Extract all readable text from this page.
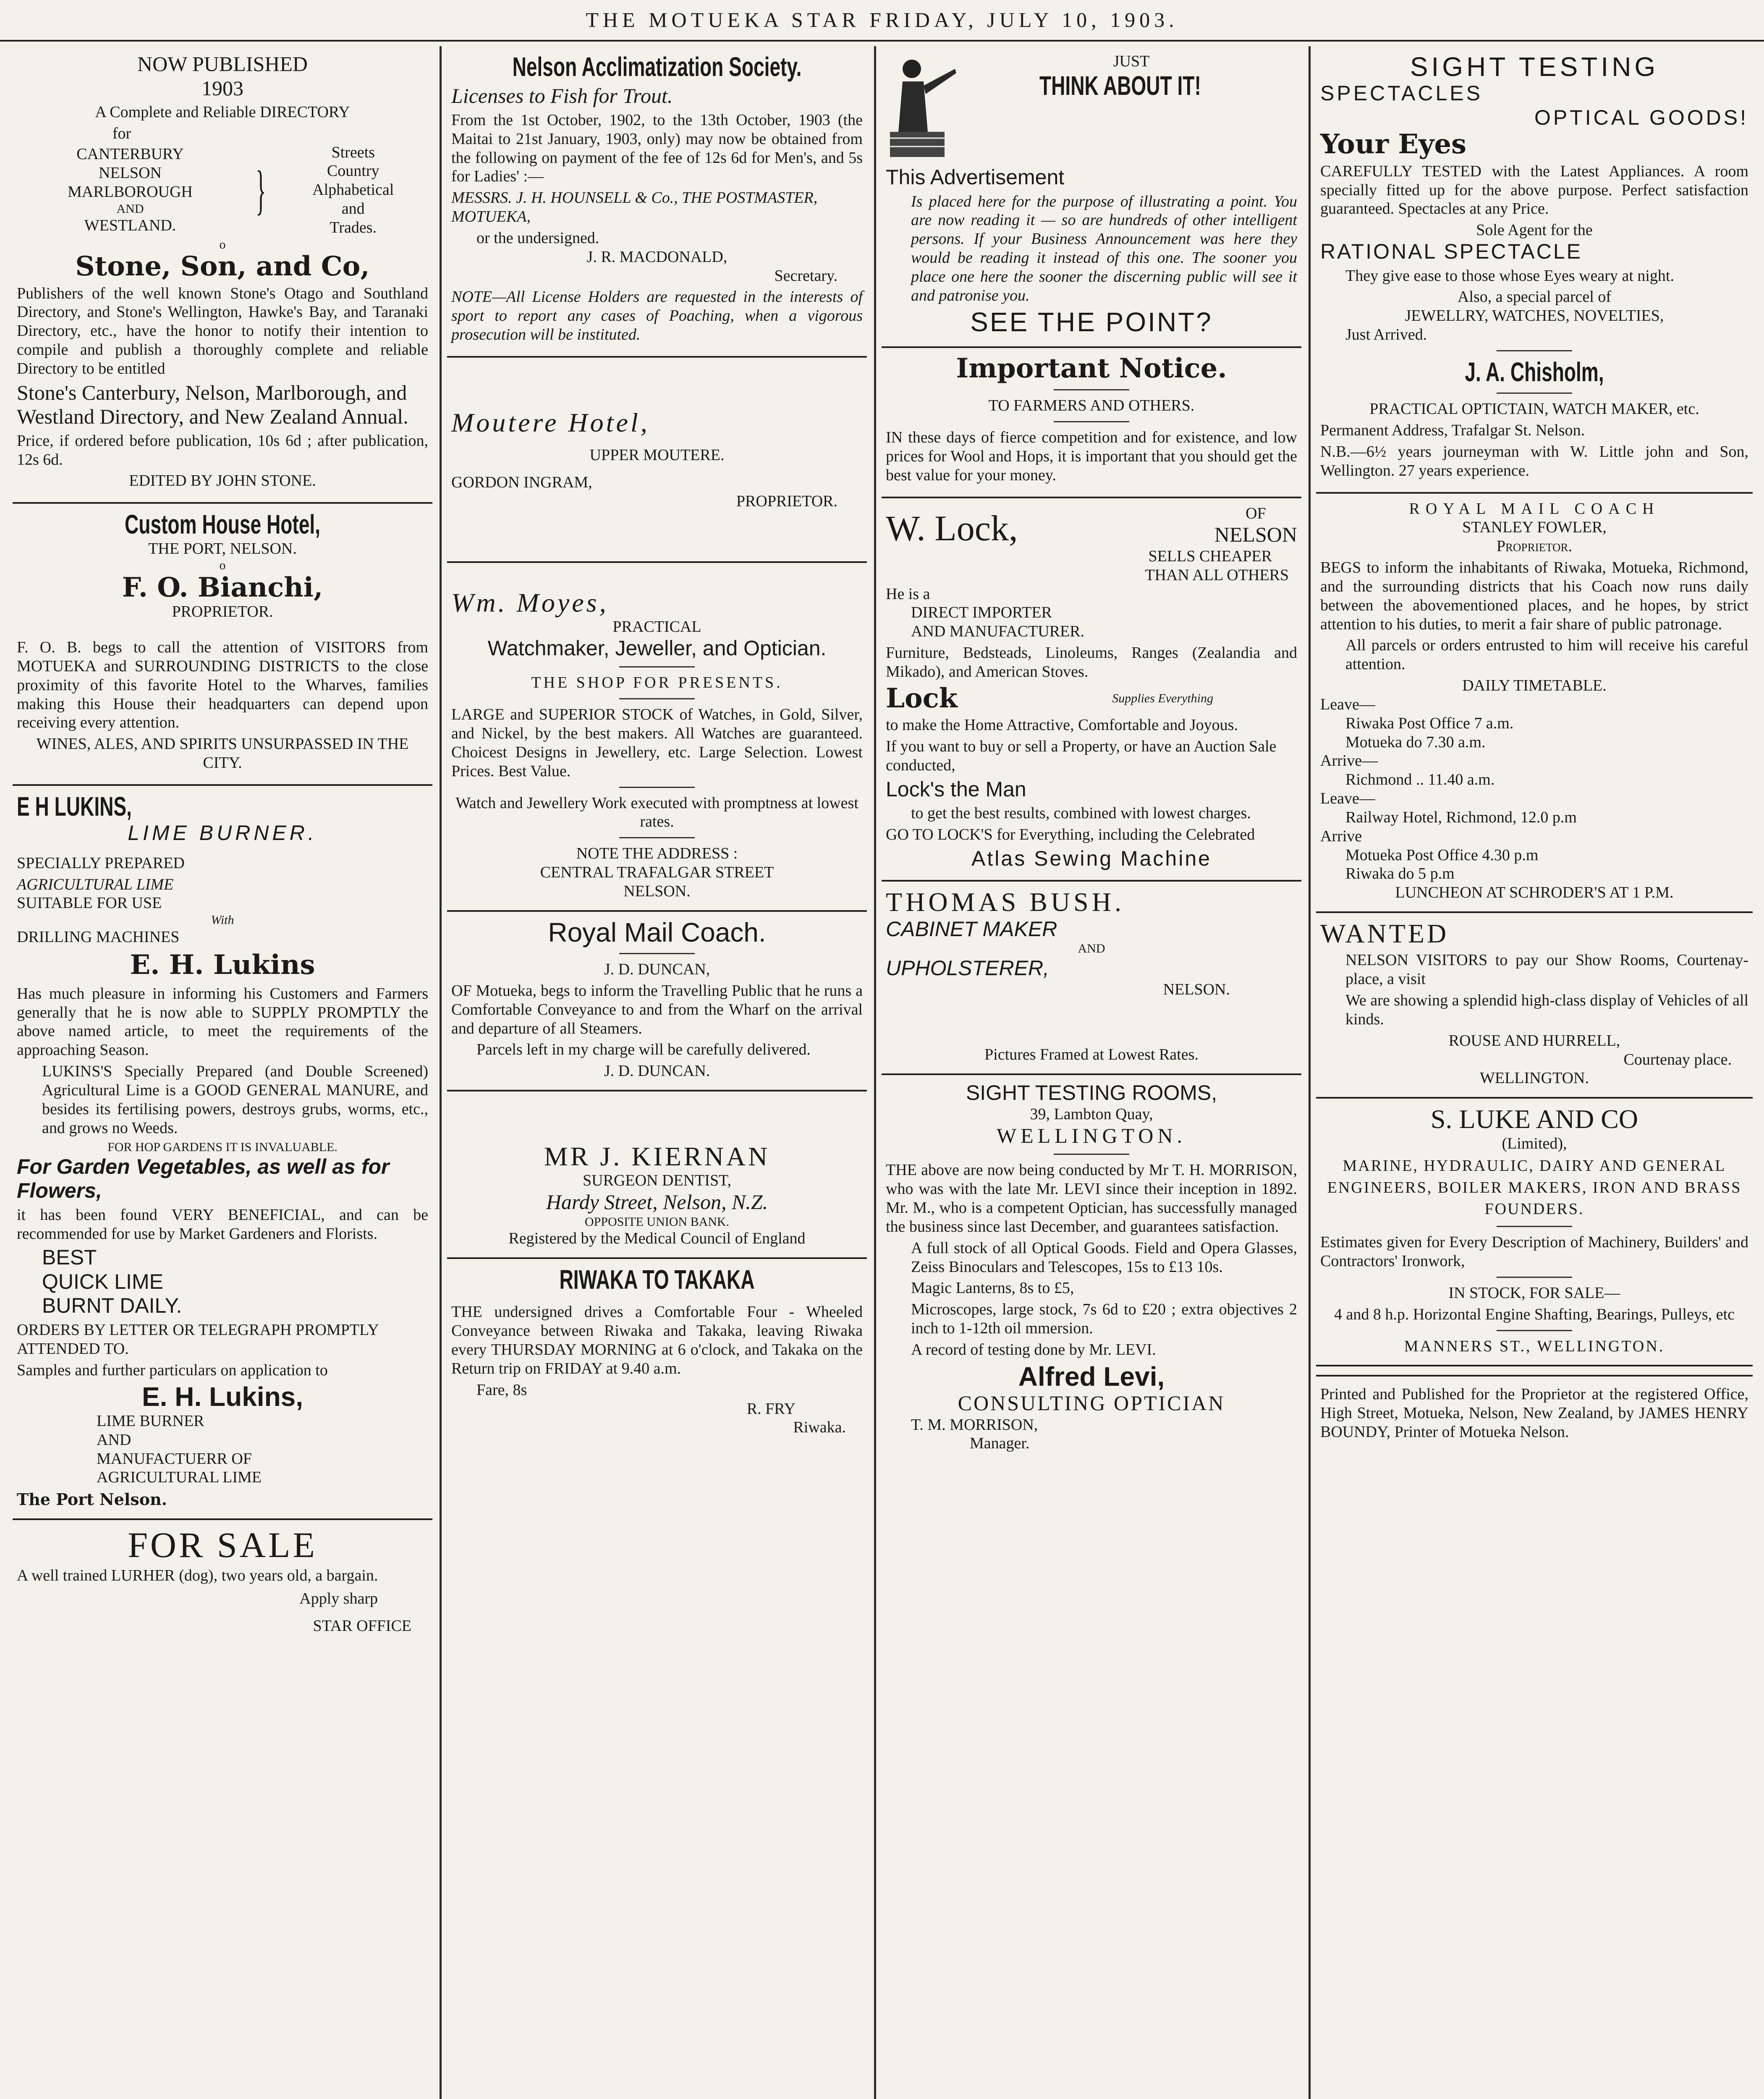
THE MOTUEKA STAR FRIDAY, JULY 10, 1903.
NOW PUBLISHED
1903

A Complete and Reliable DIRECTORY

for
CANTERBURY
NELSON
MARLBOROUGH
AND
WESTLAND.
}
Streets
Country
Alphabetical
and
Trades.
o
Stone, Son, and Co,

Publishers of the well known Stone's Otago and Southland Directory, and Stone's Wellington, Hawke's Bay, and Taranaki Directory, etc., have the honor to notify their intention to compile and publish a thoroughly complete and reliable Directory to be entitled

Stone's Canterbury, Nelson, Marlborough, and Westland Directory, and New Zealand Annual.

Price, if ordered before publication, 10s 6d ; after publication, 12s 6d.

EDITED BY JOHN STONE.

Custom House Hotel,
THE PORT, NELSON.
o
F. O. Bianchi,
PROPRIETOR.

F. O. B. begs to call the attention of VISITORS from MOTUEKA and SURROUNDING DISTRICTS to the close proximity of this favorite Hotel to the Wharves, families making this House their headquarters can depend upon receiving every attention.

WINES, ALES, AND SPIRITS UNSURPASSED IN THE CITY.

E H LUKINS,
LIME BURNER.

SPECIALLY PREPARED

AGRICULTURAL LIME
SUITABLE FOR USE
With
DRILLING MACHINES
E. H. Lukins

Has much pleasure in informing his Customers and Farmers generally that he is now able to SUPPLY PROMPTLY the above named article, to meet the requirements of the approaching Season.

LUKINS'S Specially Prepared (and Double Screened) Agricultural Lime is a GOOD GENERAL MANURE, and besides its fertilising powers, destroys grubs, worms, etc., and grows no Weeds.

FOR HOP GARDENS IT IS INVALUABLE.
For Garden Vegetables, as well as for Flowers,

it has been found VERY BENEFICIAL, and can be recommended for use by Market Gardeners and Florists.

BEST
QUICK LIME
BURNT DAILY.

ORDERS BY LETTER OR TELEGRAPH PROMPTLY ATTENDED TO.

Samples and further particulars on application to

E. H. Lukins,
LIME BURNER
AND
MANUFACTUERR OF
AGRICULTURAL LIME
The Port Nelson.
FOR SALE

A well trained LURHER (dog), two years old, a bargain.

Apply sharp
STAR OFFICE
Nelson Acclimatization Society.

Licenses to Fish for Trout.

From the 1st October, 1902, to the 13th October, 1903 (the Maitai to 21st January, 1903, only) may now be obtained from the following on payment of the fee of 12s 6d for Men's, and 5s for Ladies' :—

MESSRS. J. H. HOUNSELL & Co., THE POSTMASTER, MOTUEKA,

or the undersigned.
J. R. MACDONALD,
Secretary.

NOTE—All License Holders are requested in the interests of sport to report any cases of Poaching, when a vigorous prosecution will be instituted.

Moutere Hotel,
UPPER MOUTERE.
GORDON INGRAM,
PROPRIETOR.
Wm. Moyes,
PRACTICAL
Watchmaker, Jeweller, and Optician.
THE SHOP FOR PRESENTS.

LARGE and SUPERIOR STOCK of Watches, in Gold, Silver, and Nickel, by the best makers. All Watches are guaranteed. Choicest Designs in Jewellery, etc. Large Selection. Lowest Prices. Best Value.

Watch and Jewellery Work executed with promptness at lowest rates.

NOTE THE ADDRESS :
CENTRAL TRAFALGAR STREET
NELSON.
Royal Mail Coach.
J. D. DUNCAN,

OF Motueka, begs to inform the Travelling Public that he runs a Comfortable Conveyance to and from the Wharf on the arrival and departure of all Steamers.

Parcels left in my charge will be carefully delivered.

J. D. DUNCAN.
MR J. KIERNAN
SURGEON DENTIST,
Hardy Street, Nelson, N.Z.
OPPOSITE UNION BANK.
Registered by the Medical Council of England
RIWAKA TO TAKAKA

THE undersigned drives a Comfortable Four - Wheeled Conveyance between Riwaka and Takaka, leaving Riwaka every THURSDAY MORNING at 6 o'clock, and Takaka on the Return trip on FRIDAY at 9.40 a.m.

Fare, 8s
R. FRY
Riwaka.
JUST
THINK ABOUT IT!
This Advertisement

Is placed here for the purpose of illustrating a point. You are now reading it — so are hundreds of other intelligent persons. If your Business Announcement was here they would be reading it instead of this one. The sooner you place one here the sooner the discerning public will see it and patronise you.

SEE THE POINT?
Important Notice.
TO FARMERS AND OTHERS.

IN these days of fierce competition and for existence, and low prices for Wool and Hops, it is important that you should get the best value for your money.

W. Lock,	OF
NELSON
SELLS CHEAPER
THAN ALL OTHERS
He is a
DIRECT IMPORTER
AND MANUFACTURER.

Furniture, Bedsteads, Linoleums, Ranges (Zealandia and Mikado), and American Stoves.

Lock	Supplies Everything

to make the Home Attractive, Comfortable and Joyous.

If you want to buy or sell a Property, or have an Auction Sale conducted,

Lock's the Man

to get the best results, combined with lowest charges.

GO TO LOCK'S for Everything, including the Celebrated

Atlas Sewing Machine
THOMAS BUSH.
CABINET MAKER
AND
UPHOLSTERER,
NELSON.
Pictures Framed at Lowest Rates.
SIGHT TESTING ROOMS,
39, Lambton Quay,
WELLINGTON.

THE above are now being conducted by Mr T. H. MORRISON, who was with the late Mr. LEVI since their inception in 1892. Mr. M., who is a competent Optician, has successfully managed the business since last December, and guarantees satisfaction.

A full stock of all Optical Goods. Field and Opera Glasses, Zeiss Binoculars and Telescopes, 15s to £13 10s.

Magic Lanterns, 8s to £5,

Microscopes, large stock, 7s 6d to £20 ; extra objectives 2 inch to 1-12th oil mmersion.

A record of testing done by Mr. LEVI.

Alfred Levi,
CONSULTING OPTICIAN
T. M. MORRISON,
Manager.
SIGHT TESTING
SPECTACLES
OPTICAL GOODS!
Your Eyes

CAREFULLY TESTED with the Latest Appliances. A room specially fitted up for the above purpose. Perfect satisfaction guaranteed. Spectacles at any Price.

Sole Agent for the
RATIONAL SPECTACLE

They give ease to those whose Eyes weary at night.

Also, a special parcel of
JEWELLRY, WATCHES, NOVELTIES,
Just Arrived.
J. A. Chisholm,

PRACTICAL OPTICTAIN, WATCH MAKER, etc.

Permanent Address, Trafalgar St. Nelson.

N.B.—6½ years journeyman with W. Little john and Son, Wellington. 27 years experience.

ROYAL MAIL COACH
STANLEY FOWLER,
Proprietor.

BEGS to inform the inhabitants of Riwaka, Motueka, Richmond, and the surrounding districts that his Coach now runs daily between the abovementioned places, and he hopes, by strict attention to his duties, to merit a fair share of public patronage.

All parcels or orders entrusted to him will receive his careful attention.

DAILY TIMETABLE.
Leave—
Riwaka Post Office 7 a.m.
Motueka do 7.30 a.m.
Arrive—
Richmond .. 11.40 a.m.
Leave—
Railway Hotel, Richmond, 12.0 p.m
Arrive
Motueka Post Office 4.30 p.m
Riwaka do 5 p.m
LUNCHEON AT SCHRODER'S AT 1 P.M.
WANTED

NELSON VISITORS to pay our Show Rooms, Courtenay-place, a visit

We are showing a splendid high-class display of Vehicles of all kinds.

ROUSE AND HURRELL,
Courtenay place.
WELLINGTON.
S. LUKE AND CO
(Limited),

MARINE, HYDRAULIC, DAIRY AND GENERAL ENGINEERS, BOILER MAKERS, IRON AND BRASS FOUNDERS.

Estimates given for Every Description of Machinery, Builders' and Contractors' Ironwork,

IN STOCK, FOR SALE—

4 and 8 h.p. Horizontal Engine Shafting, Bearings, Pulleys, etc

MANNERS ST., WELLINGTON.

Printed and Published for the Proprietor at the registered Office, High Street, Motueka, Nelson, New Zealand, by JAMES HENRY BOUNDY, Printer of Motueka Nelson.
